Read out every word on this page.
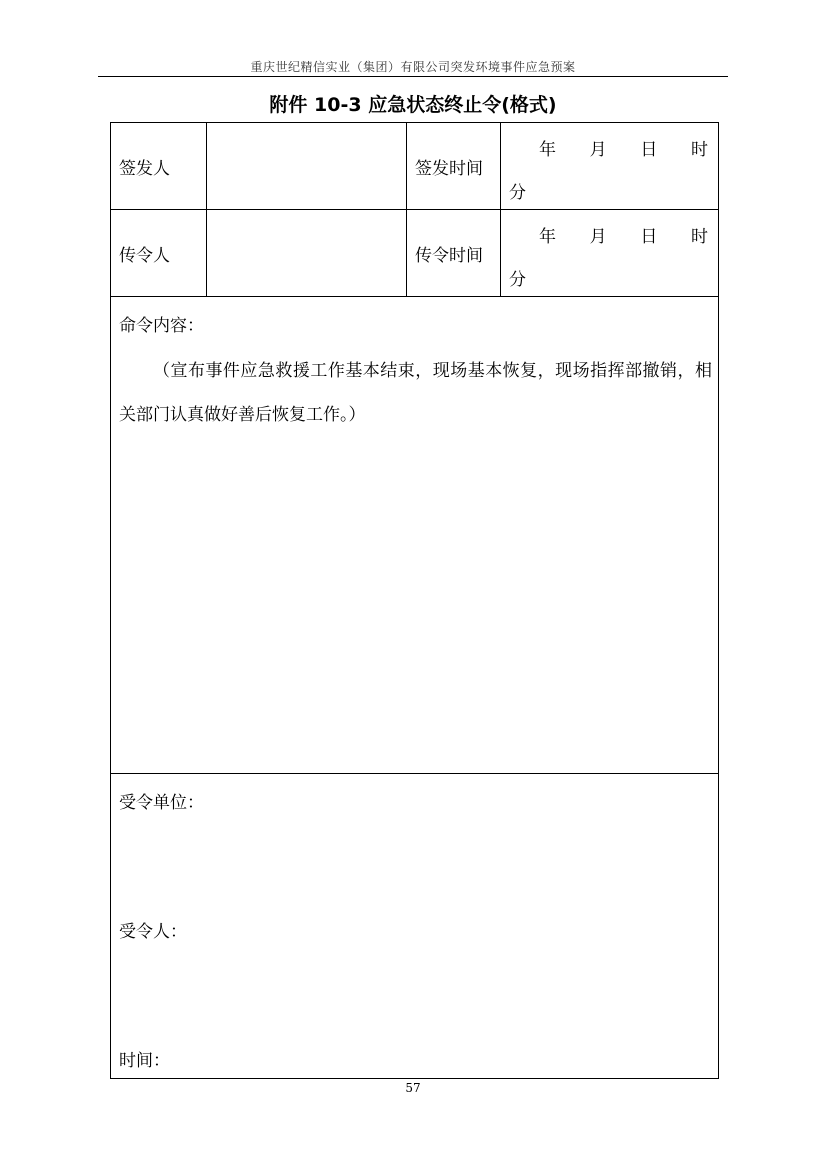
重庆世纪精信实业（集团）有限公司突发环境事件应急预案
附件 10-3 应急状态终止令(格式)
签发人		签发时间	年 月 日 时
分

传令人		传令时间	年 月 日 时
分

命令内容：
（宣布事件应急救援工作基本结束，现场基本恢复，现场指挥部撤销，相关部门认真做好善后恢复工作。）			

受令单位：
受令人：
时间：			
57
